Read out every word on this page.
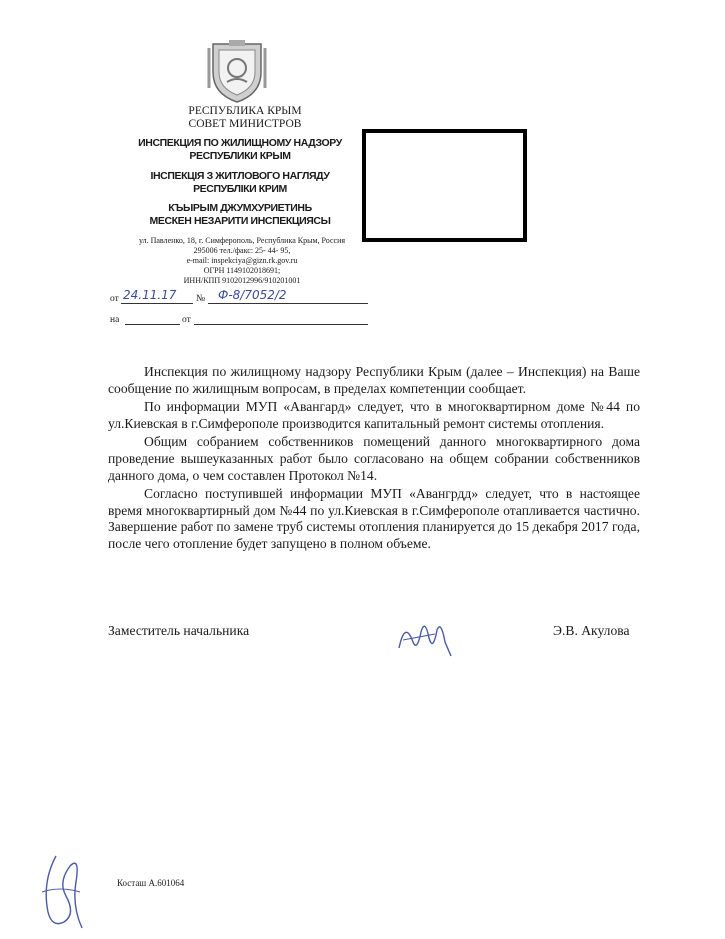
РЕСПУБЛИКА КРЫМ
СОВЕТ МИНИСТРОВ
ИНСПЕКЦИЯ ПО ЖИЛИЩНОМУ НАДЗОРУ
РЕСПУБЛИКИ КРЫМ
ІНСПЕКЦІЯ З ЖИТЛОВОГО НАГЛЯДУ
РЕСПУБЛІКИ КРИМ
КЪЫРЫМ ДЖУМХУРИЕТИНЬ
МЕСКЕН НЕЗАРИТИ ИНСПЕКЦИЯСЫ
ул. Павленко, 18, г. Симферополь, Республика Крым, Россия
295006 тел./факс: 25- 44- 95,
e-mail: inspekciya@gizn.rk.gov.ru
ОГРН 1149102018691;
ИНН/КПП 9102012996/910201001
от 24.11.17 № Ф-8/7052/2
на	от

Инспекция по жилищному надзору Республики Крым (далее – Инспекция) на Ваше сообщение по жилищным вопросам, в пределах компетенции сообщает.

По информации МУП «Авангард» следует, что в многоквартирном доме №44 по ул.Киевская в г.Симферополе производится капитальный ремонт системы отопления.

Общим собранием собственников помещений данного многоквартирного дома проведение вышеуказанных работ было согласовано на общем собрании собственников данного дома, о чем составлен Протокол №14.

Согласно поступившей информации МУП «Авангрдд» следует, что в настоящее время многоквартирный дом №44 по ул.Киевская в г.Симферополе отапливается частично. Завершение работ по замене труб системы отопления планируется до 15 декабря 2017 года, после чего отопление будет запущено в полном объеме.

Заместитель начальника	Э.В. Акулова
Косташ А.601064
